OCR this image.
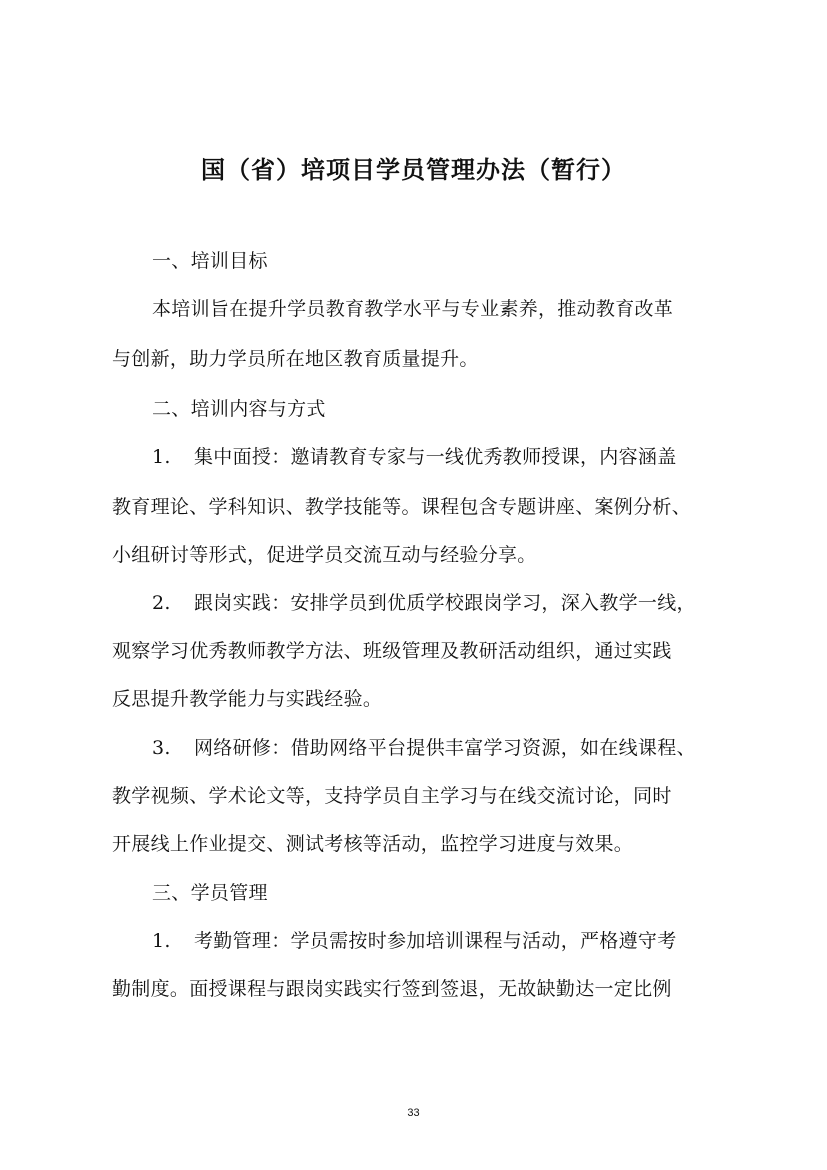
国（省）培项目学员管理办法（暂行）
一、培训目标
本培训旨在提升学员教育教学水平与专业素养，推动教育改革
与创新，助力学员所在地区教育质量提升。
二、培训内容与方式
1. 集中面授：邀请教育专家与一线优秀教师授课，内容涵盖
教育理论、学科知识、教学技能等。课程包含专题讲座、案例分析、
小组研讨等形式，促进学员交流互动与经验分享。
2. 跟岗实践：安排学员到优质学校跟岗学习，深入教学一线，
观察学习优秀教师教学方法、班级管理及教研活动组织，通过实践
反思提升教学能力与实践经验。
3. 网络研修：借助网络平台提供丰富学习资源，如在线课程、
教学视频、学术论文等，支持学员自主学习与在线交流讨论，同时
开展线上作业提交、测试考核等活动，监控学习进度与效果。
三、学员管理
1. 考勤管理：学员需按时参加培训课程与活动，严格遵守考
勤制度。面授课程与跟岗实践实行签到签退，无故缺勤达一定比例
33
